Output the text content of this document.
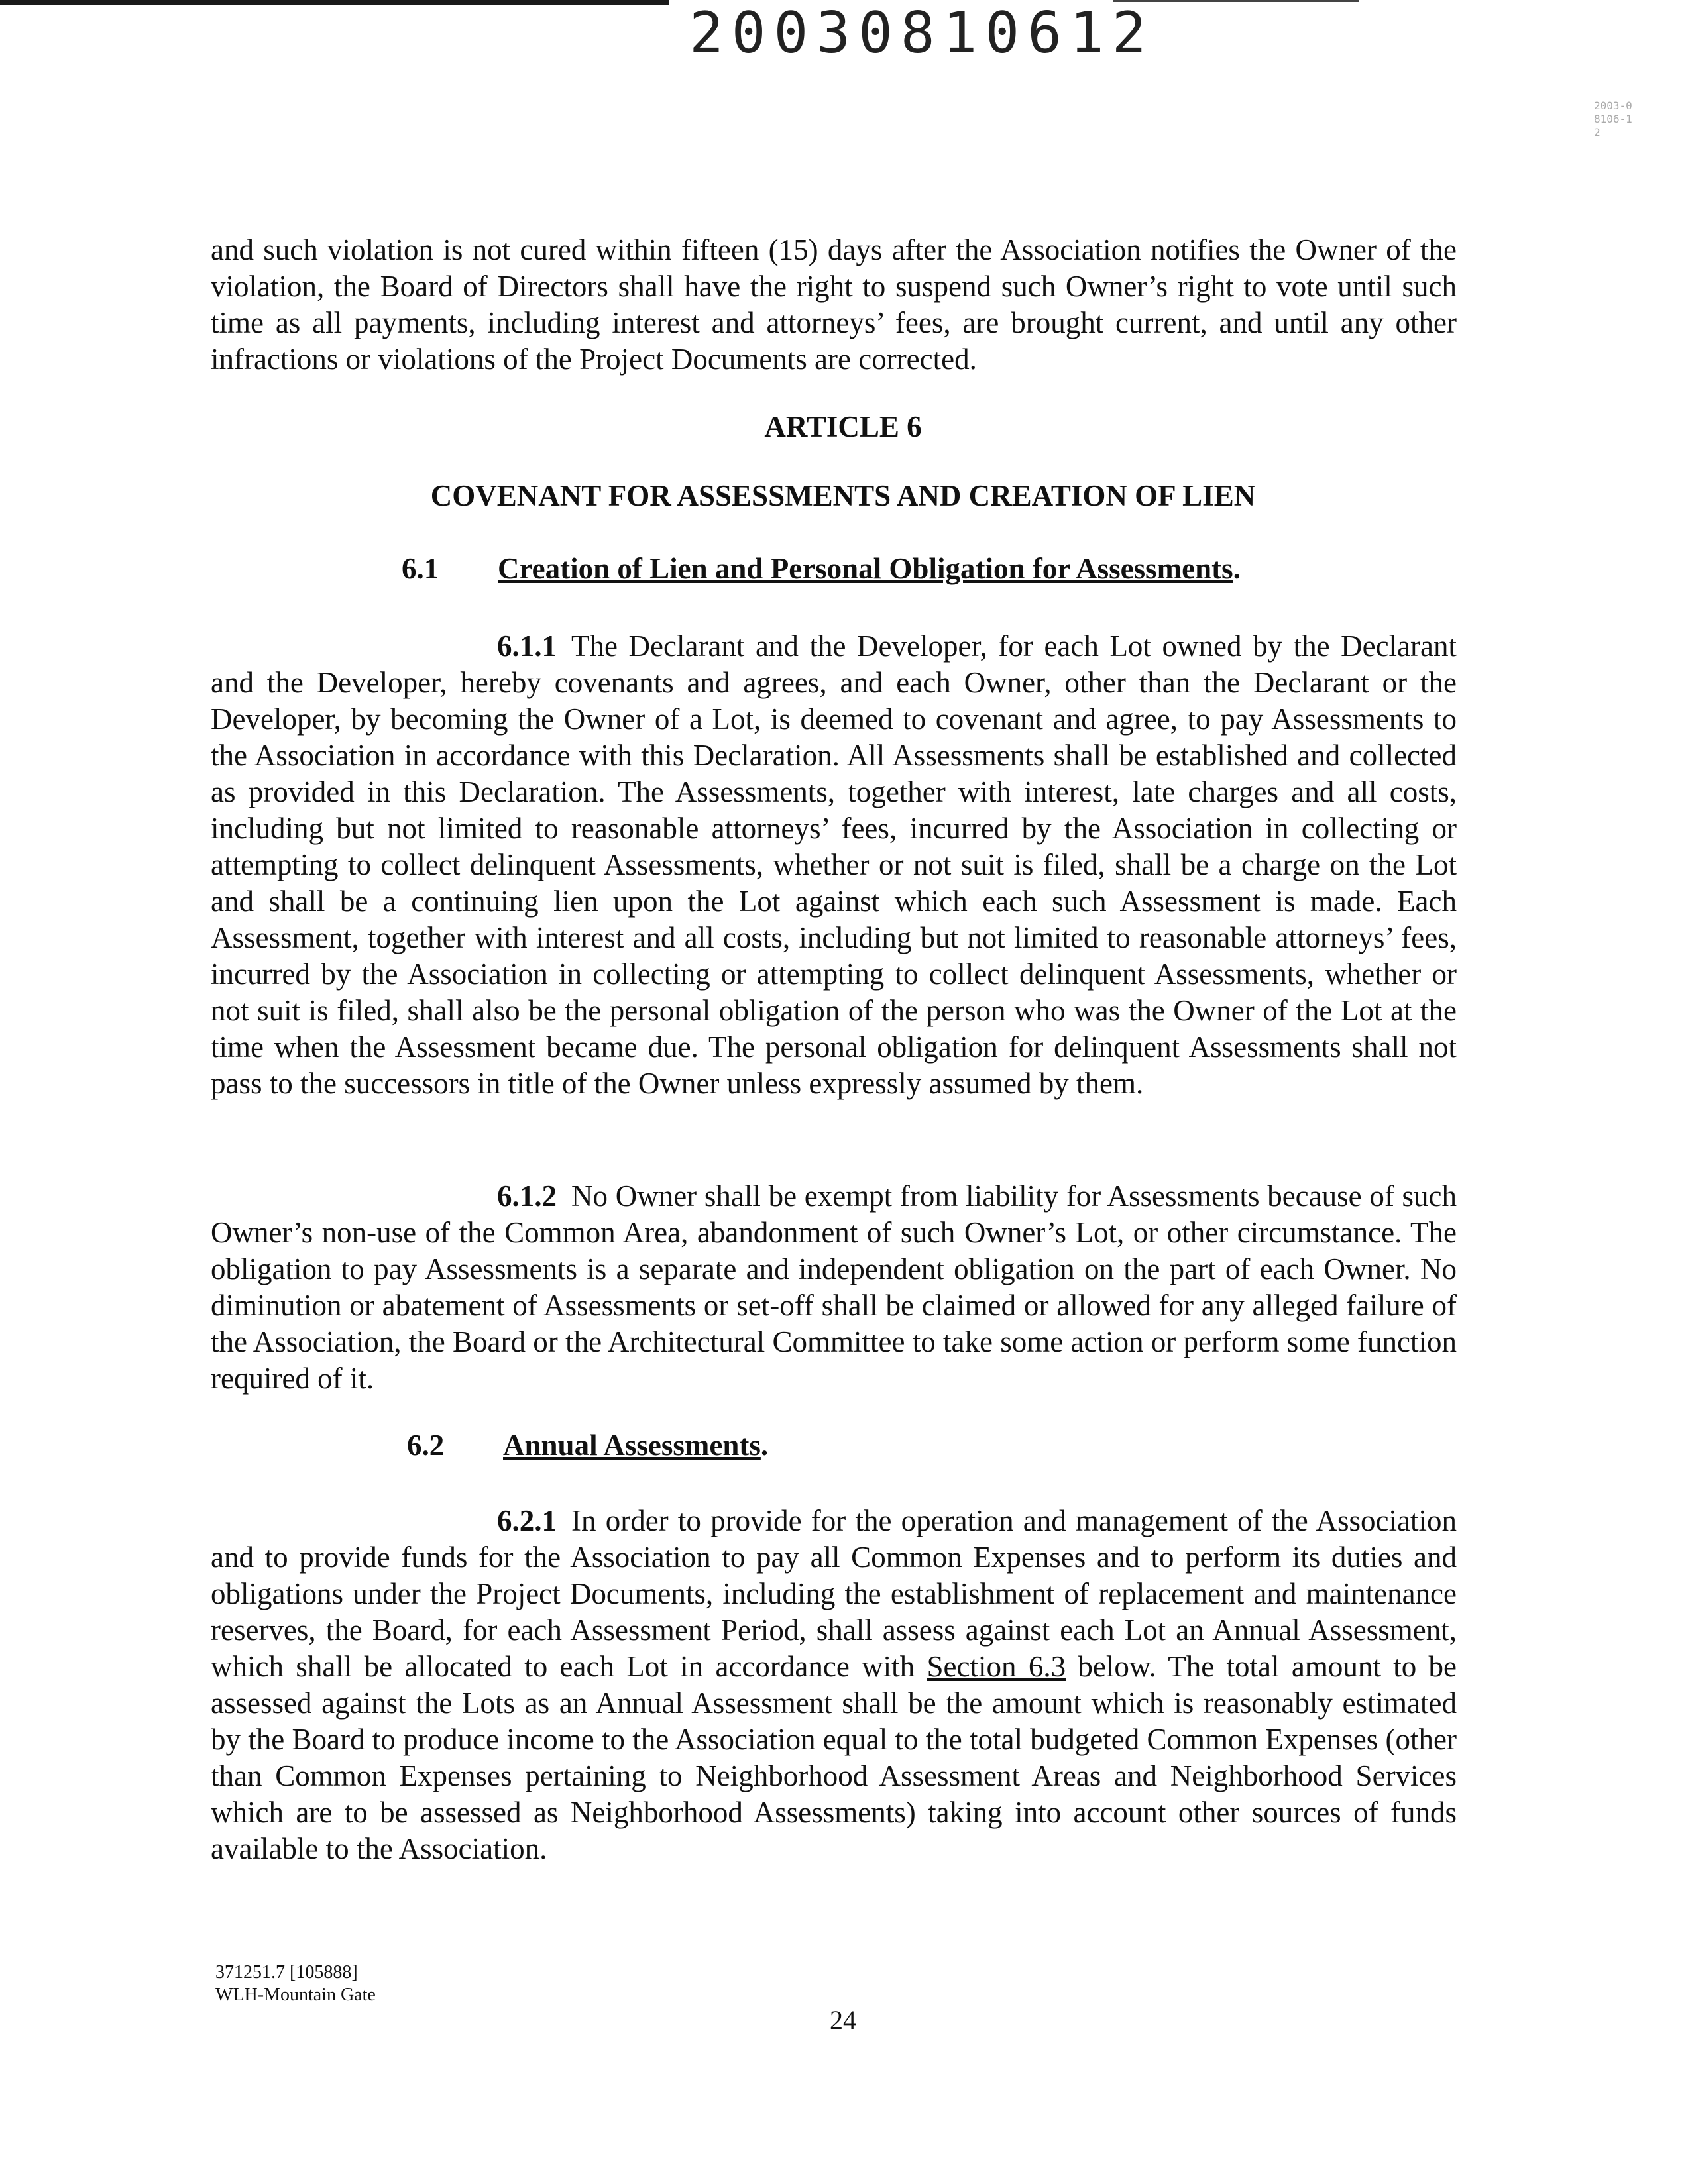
20030810612
2003-08106-12

and such violation is not cured within fifteen (15) days after the Association notifies the Owner of the violation, the Board of Directors shall have the right to suspend such Owner’s right to vote until such time as all payments, including interest and attorneys’ fees, are brought current, and until any other infractions or violations of the Project Documents are corrected.

ARTICLE 6

COVENANT FOR ASSESSMENTS AND CREATION OF LIEN

6.1 Creation of Lien and Personal Obligation for Assessments.

6.1.1 The Declarant and the Developer, for each Lot owned by the Declarant and the Developer, hereby covenants and agrees, and each Owner, other than the Declarant or the Developer, by becoming the Owner of a Lot, is deemed to covenant and agree, to pay Assessments to the Association in accordance with this Declaration. All Assessments shall be established and collected as provided in this Declaration. The Assessments, together with interest, late charges and all costs, including but not limited to reasonable attorneys’ fees, incurred by the Association in collecting or attempting to collect delinquent Assessments, whether or not suit is filed, shall be a charge on the Lot and shall be a continuing lien upon the Lot against which each such Assessment is made. Each Assessment, together with interest and all costs, including but not limited to reasonable attorneys’ fees, incurred by the Association in collecting or attempting to collect delinquent Assessments, whether or not suit is filed, shall also be the personal obligation of the person who was the Owner of the Lot at the time when the Assessment became due. The personal obligation for delinquent Assessments shall not pass to the successors in title of the Owner unless expressly assumed by them.

6.1.2 No Owner shall be exempt from liability for Assessments because of such Owner’s non-use of the Common Area, abandonment of such Owner’s Lot, or other circumstance. The obligation to pay Assessments is a separate and independent obligation on the part of each Owner. No diminution or abatement of Assessments or set-off shall be claimed or allowed for any alleged failure of the Association, the Board or the Architectural Committee to take some action or perform some function required of it.

6.2 Annual Assessments.

6.2.1 In order to provide for the operation and management of the Association and to provide funds for the Association to pay all Common Expenses and to perform its duties and obligations under the Project Documents, including the establishment of replacement and maintenance reserves, the Board, for each Assessment Period, shall assess against each Lot an Annual Assessment, which shall be allocated to each Lot in accordance with Section 6.3 below. The total amount to be assessed against the Lots as an Annual Assessment shall be the amount which is reasonably estimated by the Board to produce income to the Association equal to the total budgeted Common Expenses (other than Common Expenses pertaining to Neighborhood Assessment Areas and Neighborhood Services which are to be assessed as Neighborhood Assessments) taking into account other sources of funds available to the Association.

371251.7 [105888]
WLH-Mountain Gate
24
